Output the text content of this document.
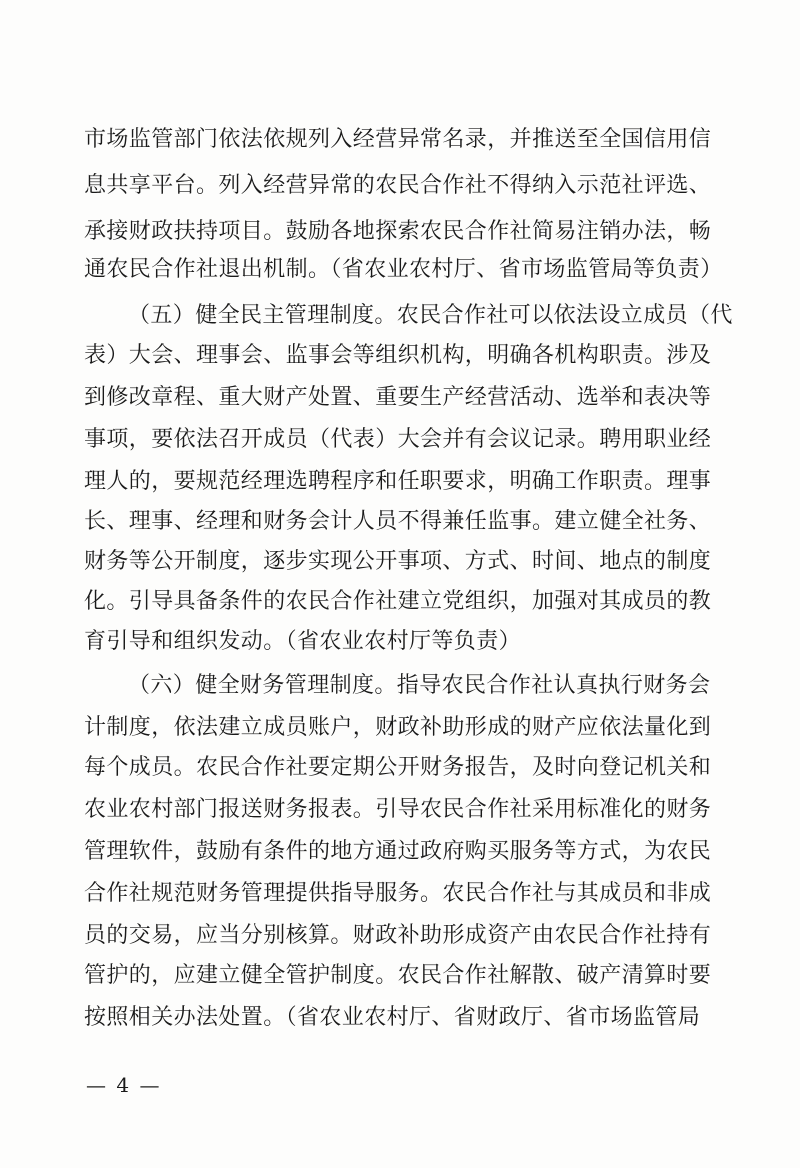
市场监管部门依法依规列入经营异常名录，并推送至全国信用信
息共享平台。列入经营异常的农民合作社不得纳入示范社评选、
承接财政扶持项目。鼓励各地探索农民合作社简易注销办法，畅
通农民合作社退出机制。（省农业农村厅、省市场监管局等负责）
（五）健全民主管理制度。农民合作社可以依法设立成员（代
表）大会、理事会、监事会等组织机构，明确各机构职责。涉及
到修改章程、重大财产处置、重要生产经营活动、选举和表决等
事项，要依法召开成员（代表）大会并有会议记录。聘用职业经
理人的，要规范经理选聘程序和任职要求，明确工作职责。理事
长、理事、经理和财务会计人员不得兼任监事。建立健全社务、
财务等公开制度，逐步实现公开事项、方式、时间、地点的制度
化。引导具备条件的农民合作社建立党组织，加强对其成员的教
育引导和组织发动。（省农业农村厅等负责）
（六）健全财务管理制度。指导农民合作社认真执行财务会
计制度，依法建立成员账户，财政补助形成的财产应依法量化到
每个成员。农民合作社要定期公开财务报告，及时向登记机关和
农业农村部门报送财务报表。引导农民合作社采用标准化的财务
管理软件，鼓励有条件的地方通过政府购买服务等方式，为农民
合作社规范财务管理提供指导服务。农民合作社与其成员和非成
员的交易，应当分别核算。财政补助形成资产由农民合作社持有
管护的，应建立健全管护制度。农民合作社解散、破产清算时要
按照相关办法处置。（省农业农村厅、省财政厅、省市场监管局
— 4 —
